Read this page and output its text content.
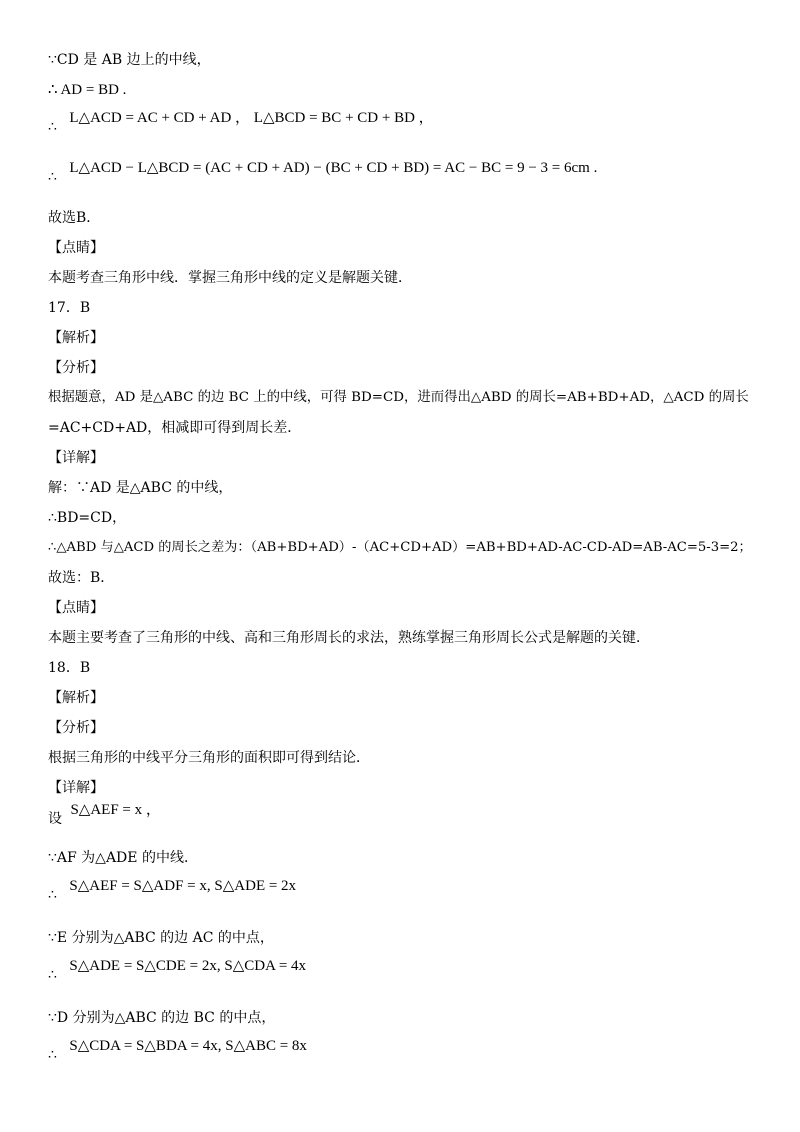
∵CD 是 AB 边上的中线，
∴ AD = BD .
∴ L△ACD = AC + CD + AD ， L△BCD = BC + CD + BD ，
∴ L△ACD − L△BCD = (AC + CD + AD) − (BC + CD + BD) = AC − BC = 9 − 3 = 6cm .
故选B．
【点睛】
本题考查三角形中线．掌握三角形中线的定义是解题关键．
17．B
【解析】
【分析】
根据题意，AD 是△ABC 的边 BC 上的中线，可得 BD=CD，进而得出△ABD 的周长=AB+BD+AD，△ACD 的周长
=AC+CD+AD，相减即可得到周长差．
【详解】
解：∵AD 是△ABC 的中线，
∴BD=CD，
∴△ABD 与△ACD 的周长之差为：（AB+BD+AD）-（AC+CD+AD）=AB+BD+AD-AC-CD-AD=AB-AC=5-3=2；
故选：B．
【点睛】
本题主要考查了三角形的中线、高和三角形周长的求法，熟练掌握三角形周长公式是解题的关键．
18．B
【解析】
【分析】
根据三角形的中线平分三角形的面积即可得到结论．
【详解】
设 S△AEF = x ，
∵AF 为△ADE 的中线．
∴ S△AEF = S△ADF = x, S△ADE = 2x
∵E 分别为△ABC 的边 AC 的中点，
∴ S△ADE = S△CDE = 2x, S△CDA = 4x
∵D 分别为△ABC 的边 BC 的中点，
∴ S△CDA = S△BDA = 4x, S△ABC = 8x
